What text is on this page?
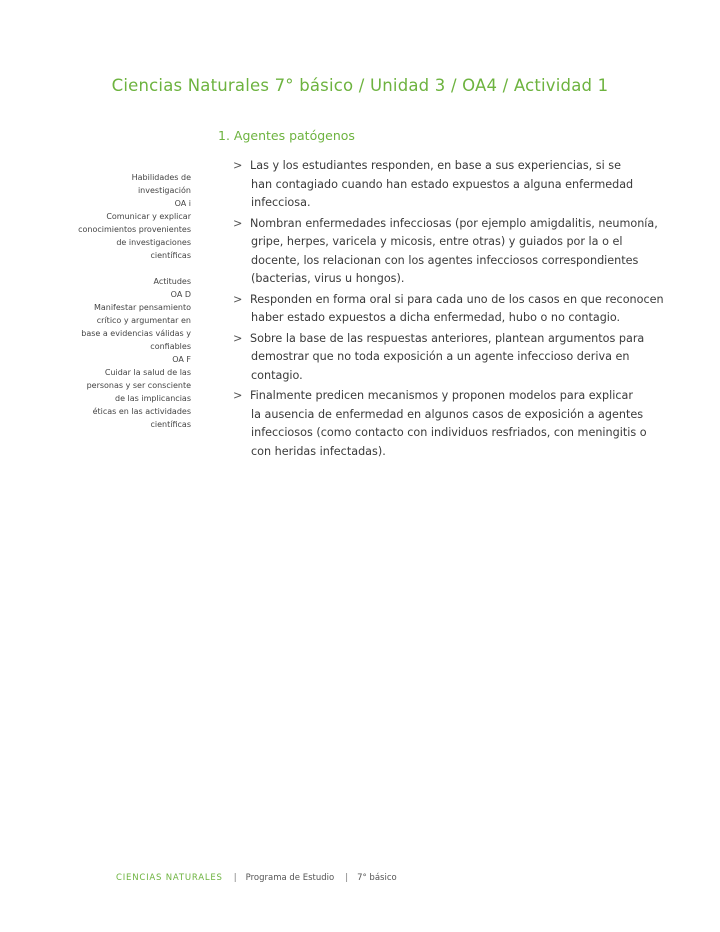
Ciencias Naturales 7° básico / Unidad 3 / OA4 / Actividad 1
1. Agentes patógenos
Habilidades de
investigación
OA i
Comunicar y explicar
conocimientos provenientes
de investigaciones
científicas
Actitudes
OA D
Manifestar pensamiento
crítico y argumentar en
base a evidencias válidas y
confiables
OA F
Cuidar la salud de las
personas y ser consciente
de las implicancias
éticas en las actividades
científicas
> Las y los estudiantes responden, en base a sus experiencias, si se
han contagiado cuando han estado expuestos a alguna enfermedad
infecciosa.
> Nombran enfermedades infecciosas (por ejemplo amigdalitis, neumonía,
gripe, herpes, varicela y micosis, entre otras) y guiados por la o el
docente, los relacionan con los agentes infecciosos correspondientes
(bacterias, virus u hongos).
> Responden en forma oral si para cada uno de los casos en que reconocen
haber estado expuestos a dicha enfermedad, hubo o no contagio.
> Sobre la base de las respuestas anteriores, plantean argumentos para
demostrar que no toda exposición a un agente infeccioso deriva en
contagio.
> Finalmente predicen mecanismos y proponen modelos para explicar
la ausencia de enfermedad en algunos casos de exposición a agentes
infecciosos (como contacto con individuos resfriados, con meningitis o
con heridas infectadas).
CIENCIAS NATURALES | Programa de Estudio | 7° básico
